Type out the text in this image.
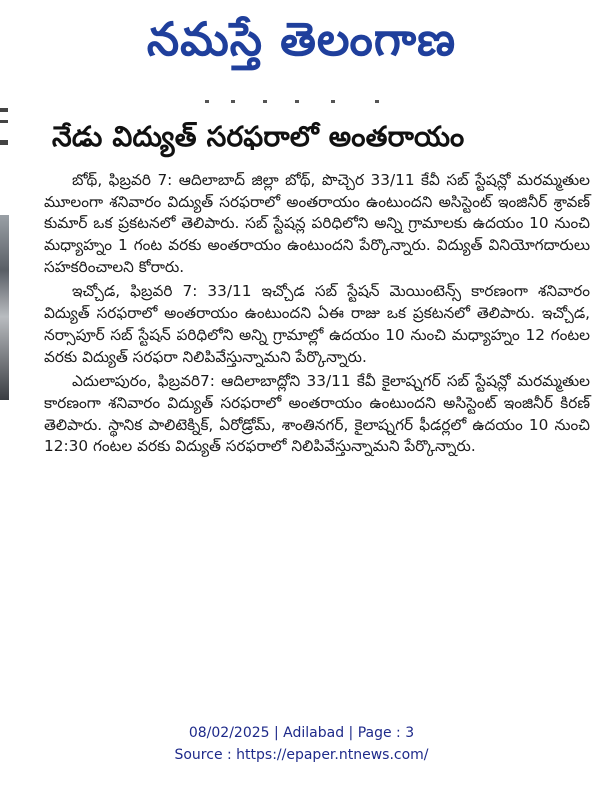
నమస్తే తెలంగాణ
నేడు విద్యుత్ సరఫరాలో అంతరాయం

బోథ్, ఫిబ్రవరి 7: ఆదిలాబాద్ జిల్లా బోథ్, పొచ్చెర 33/11 కేవీ సబ్ స్టేషన్లో మరమ్మతుల మూలంగా శనివారం విద్యుత్ సరఫరాలో అంతరాయం ఉంటుందని అసిస్టెంట్ ఇంజినీర్ శ్రావణ్ కుమార్ ఒక ప్రకటనలో తెలిపారు. సబ్ స్టేషన్ల పరిధిలోని అన్ని గ్రామాలకు ఉదయం 10 నుంచి మధ్యాహ్నం 1 గంట వరకు అంతరాయం ఉంటుందని పేర్కొన్నారు. విద్యుత్ వినియోగదారులు సహకరించాలని కోరారు.

ఇచ్చోడ, ఫిబ్రవరి 7: 33/11 ఇచ్చోడ సబ్ స్టేషన్ మెయింటెన్స్ కారణంగా శనివారం విద్యుత్ సరఫరాలో అంతరాయం ఉంటుందని ఏఈ రాజు ఒక ప్రకటనలో తెలిపారు. ఇచ్చోడ, నర్సాపూర్ సబ్ స్టేషన్ పరిధిలోని అన్ని గ్రామాల్లో ఉదయం 10 నుంచి మధ్యాహ్నం 12 గంటల వరకు విద్యుత్ సరఫరా నిలిపివేస్తున్నామని పేర్కొన్నారు.

ఎదులాపురం, ఫిబ్రవరి7: ఆదిలాబాద్లోని 33/11 కేవీ కైలాష్నగర్ సబ్ స్టేషన్లో మరమ్మతుల కారణంగా శనివారం విద్యుత్ సరఫరాలో అంతరాయం ఉంటుందని అసిస్టెంట్ ఇంజినీర్ కిరణ్ తెలిపారు. స్థానిక పాలిటెక్నిక్, ఏరోడ్రోమ్, శాంతినగర్, కైలాష్నగర్ ఫీడర్లలో ఉదయం 10 నుంచి 12:30 గంటల వరకు విద్యుత్ సరఫరాలో నిలిపివేస్తున్నామని పేర్కొన్నారు.

08/02/2025 | Adilabad | Page : 3
Source : https://epaper.ntnews.com/
